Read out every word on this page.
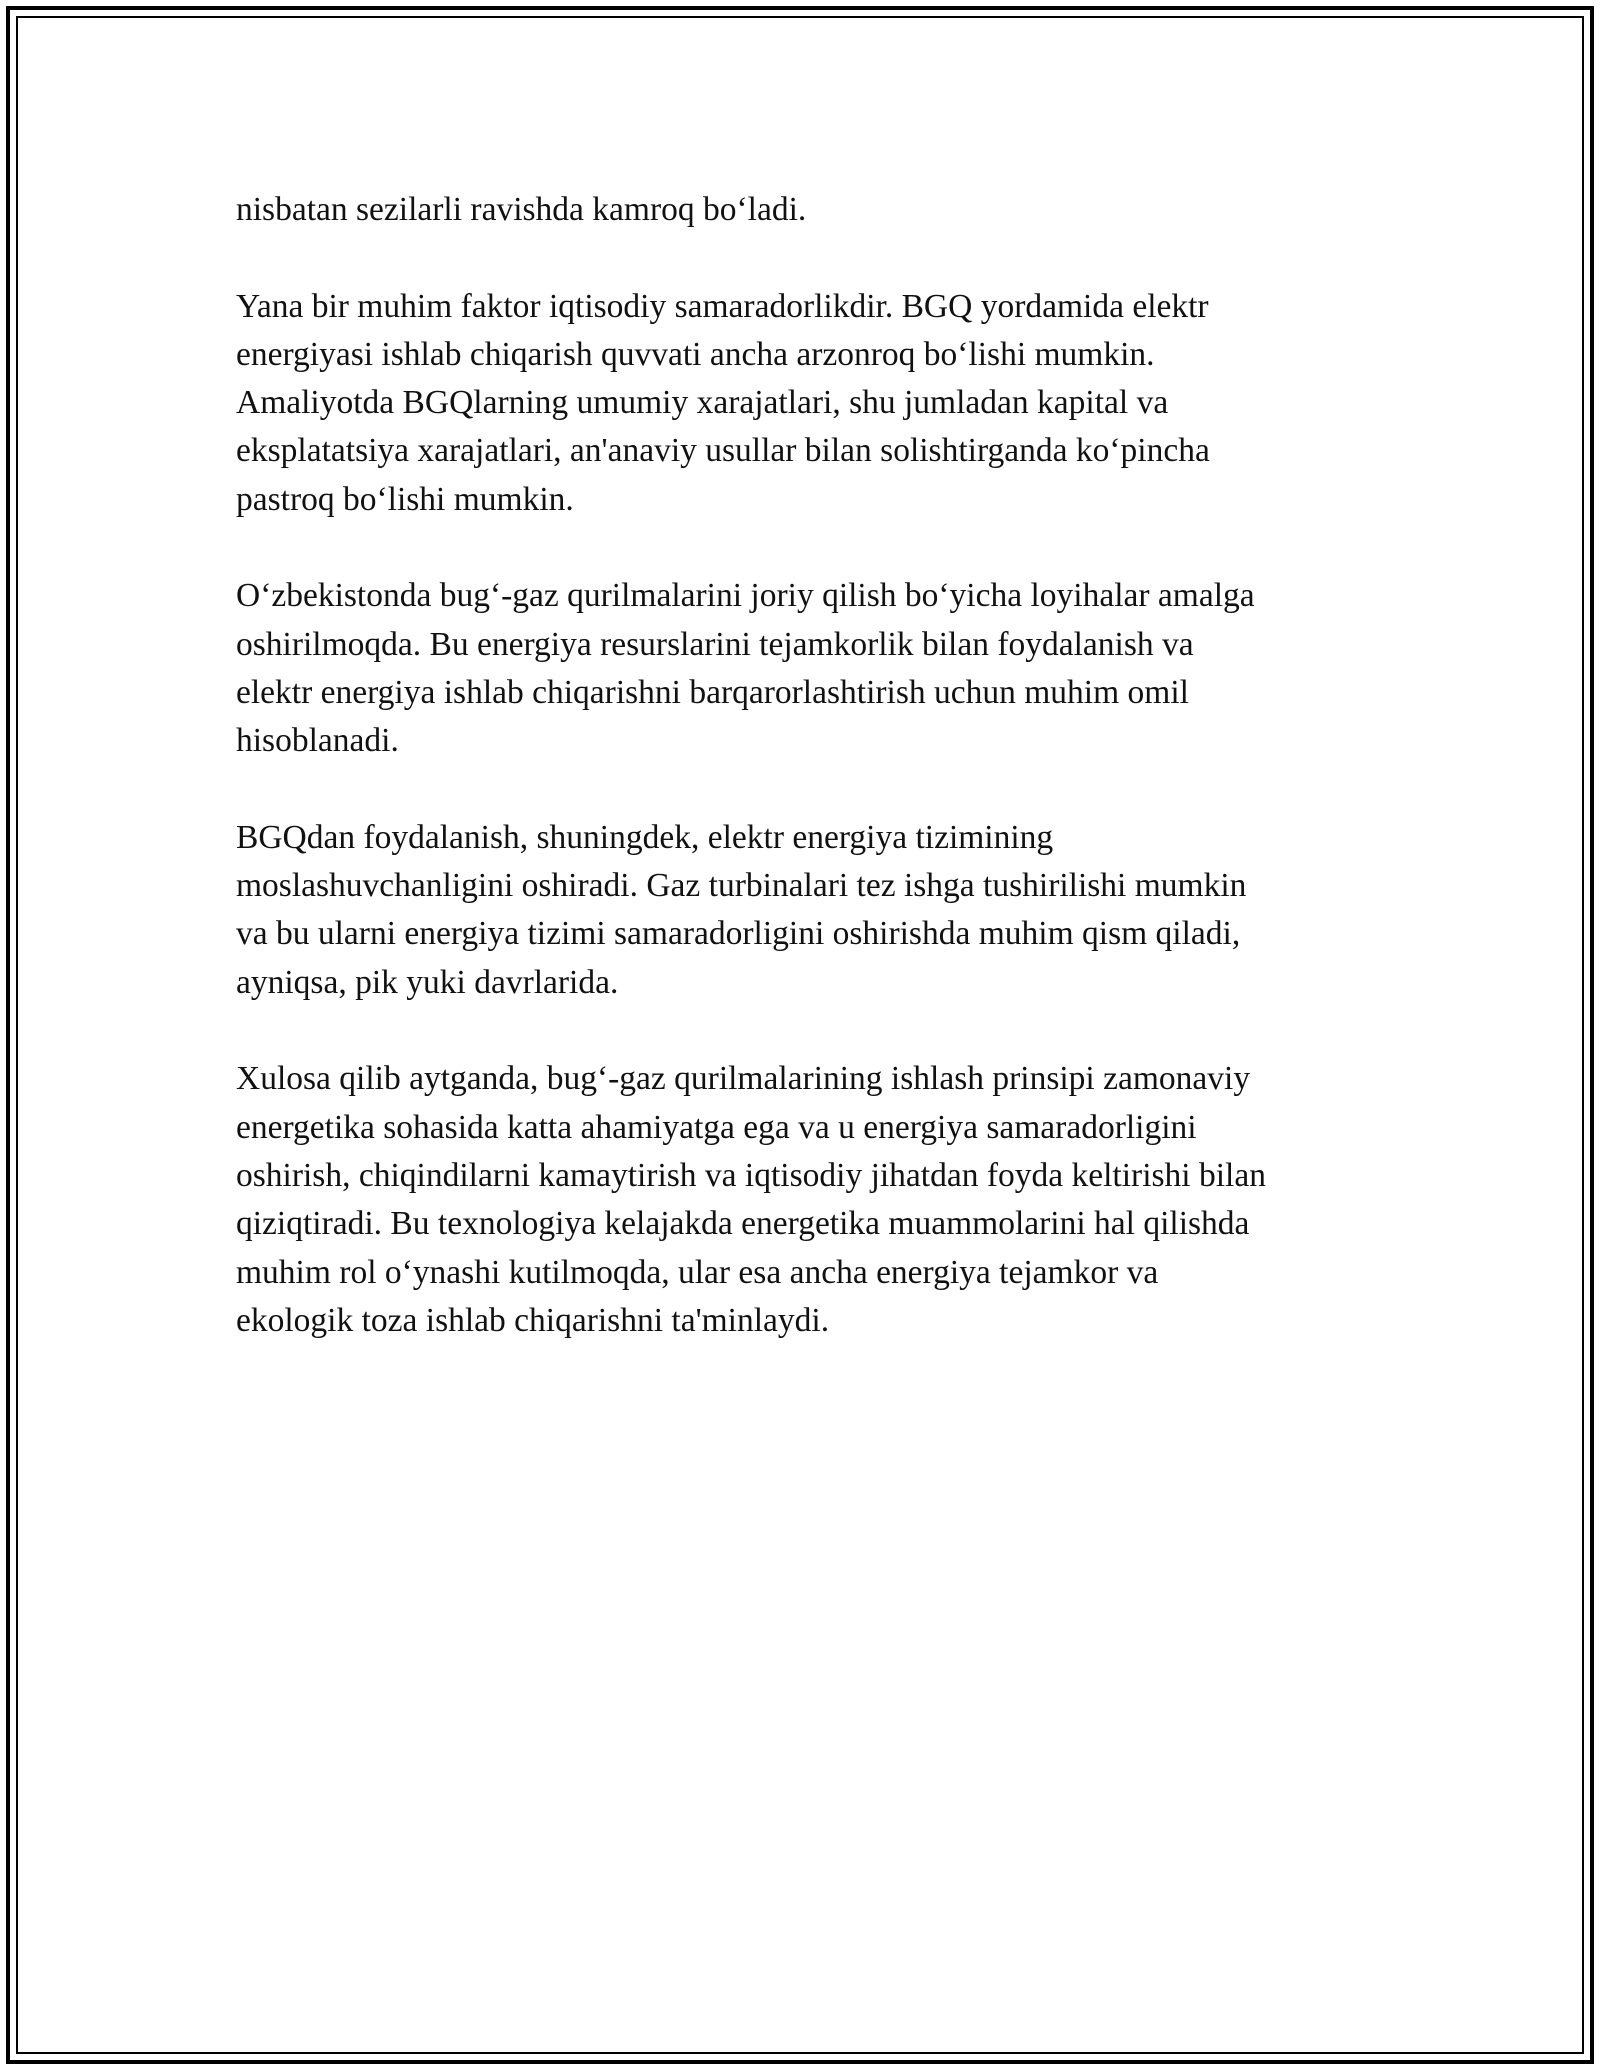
nisbatan sezilarli ravishda kamroq bo‘ladi.

Yana bir muhim faktor iqtisodiy samaradorlikdir. BGQ yordamida elektr
energiyasi ishlab chiqarish quvvati ancha arzonroq bo‘lishi mumkin.
Amaliyotda BGQlarning umumiy xarajatlari, shu jumladan kapital va
eksplatatsiya xarajatlari, an'anaviy usullar bilan solishtirganda ko‘pincha
pastroq bo‘lishi mumkin.

O‘zbekistonda bug‘-gaz qurilmalarini joriy qilish bo‘yicha loyihalar amalga
oshirilmoqda. Bu energiya resurslarini tejamkorlik bilan foydalanish va
elektr energiya ishlab chiqarishni barqarorlashtirish uchun muhim omil
hisoblanadi.

BGQdan foydalanish, shuningdek, elektr energiya tizimining
moslashuvchanligini oshiradi. Gaz turbinalari tez ishga tushirilishi mumkin
va bu ularni energiya tizimi samaradorligini oshirishda muhim qism qiladi,
ayniqsa, pik yuki davrlarida.

Xulosa qilib aytganda, bug‘-gaz qurilmalarining ishlash prinsipi zamonaviy
energetika sohasida katta ahamiyatga ega va u energiya samaradorligini
oshirish, chiqindilarni kamaytirish va iqtisodiy jihatdan foyda keltirishi bilan
qiziqtiradi. Bu texnologiya kelajakda energetika muammolarini hal qilishda
muhim rol o‘ynashi kutilmoqda, ular esa ancha energiya tejamkor va
ekologik toza ishlab chiqarishni ta'minlaydi.
